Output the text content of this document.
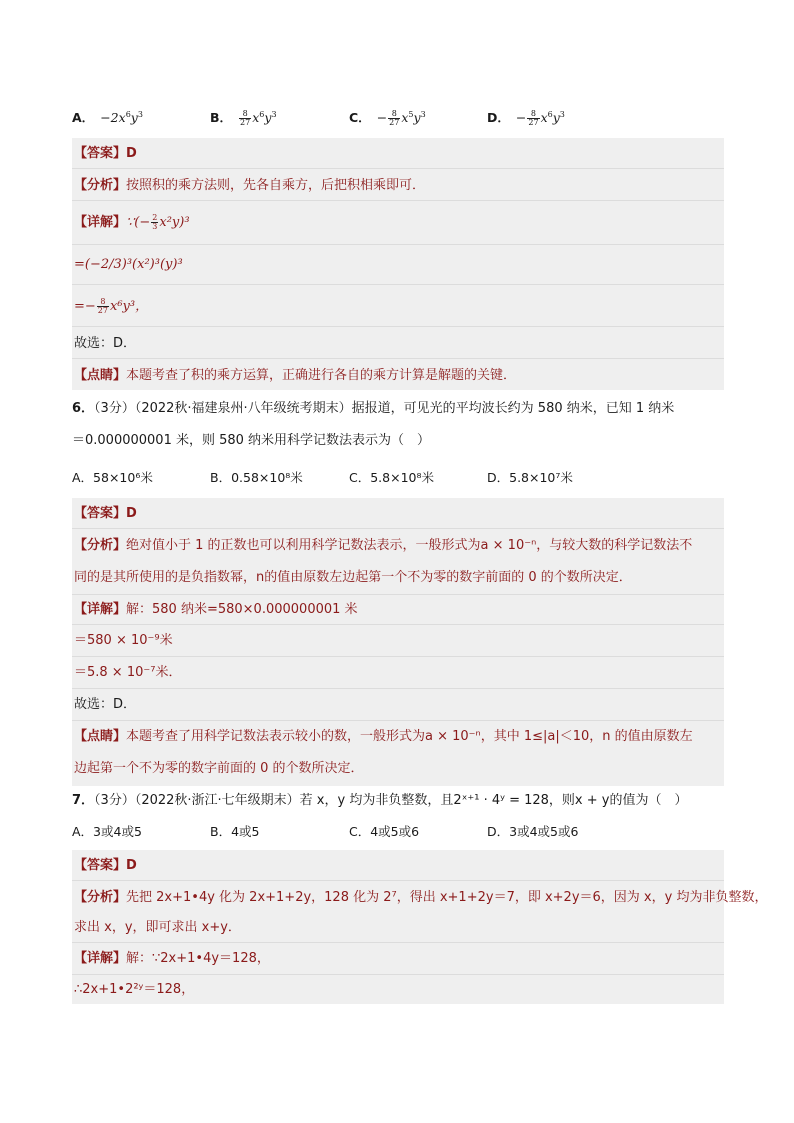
A． $-2x^6y^3$	B． $\frac{8}{27} x^6y^3$	C． − $\frac{8}{27} x^5y^3$	D． − $\frac{8}{27} x^6y^3$
【答案】D
【分析】按照积的乘方法则，先各自乘方，后把积相乘即可．
【详解】∵(− $\frac{2}{3} x^2y)^3$
=(−2/3)³(x²)³(y)³
=− $\frac{8}{27} x^6y^3$，
故选：D．
【点睛】本题考查了积的乘方运算，正确进行各自的乘方计算是解题的关键．
6．（3分）（2022秋·福建泉州·八年级统考期末）据报道，可见光的平均波长约为 580 纳米，已知 1 纳米
＝0.000000001 米，则 580 纳米用科学记数法表示为（　）
A．58×10⁶米	B．0.58×10⁸米	C．5.8×10⁸米	D．5.8×10⁷米
【答案】D
【分析】绝对值小于 1 的正数也可以利用科学记数法表示，一般形式为a × 10⁻ⁿ，与较大数的科学记数法不
同的是其所使用的是负指数幂，n的值由原数左边起第一个不为零的数字前面的 0 的个数所决定．
【详解】解：580 纳米=580×0.000000001 米
＝580 × 10⁻⁹米
＝5.8 × 10⁻⁷米．
故选：D．
【点睛】本题考查了用科学记数法表示较小的数，一般形式为a × 10⁻ⁿ，其中 1≤|a|＜10，n 的值由原数左
边起第一个不为零的数字前面的 0 的个数所决定．
7．（3分）（2022秋·浙江·七年级期末）若 x，y 均为非负整数，且2ˣ⁺¹ · 4ʸ = 128，则x + y的值为（　）
A．3或4或5	B．4或5	C．4或5或6	D．3或4或5或6
【答案】D
【分析】先把 2x+1•4y 化为 2x+1+2y，128 化为 2⁷，得出 x+1+2y＝7，即 x+2y＝6，因为 x，y 均为非负整数，
求出 x，y，即可求出 x+y．
【详解】解：∵2x+1•4y＝128，
∴2x+1•2²ʸ＝128，
